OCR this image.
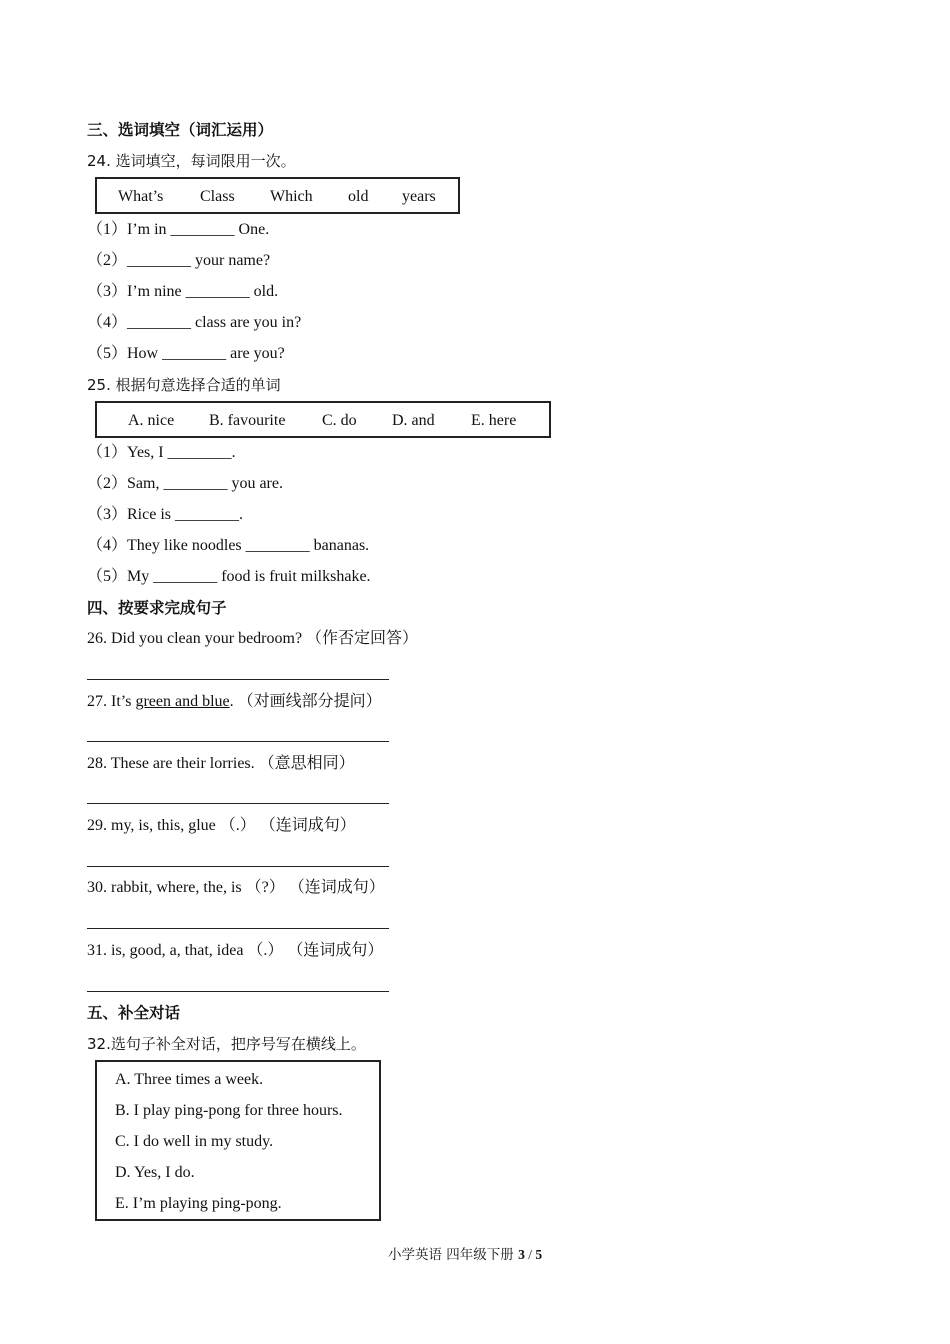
三、选词填空（词汇运用）
24. 选词填空，每词限用一次。
What’s Class Which old years
（1）I’m in ________ One.
（2）________ your name?
（3）I’m nine ________ old.
（4）________ class are you in?
（5）How ________ are you?
25. 根据句意选择合适的单词
A. nice B. favourite C. do D. and E. here
（1）Yes, I ________.
（2）Sam, ________ you are.
（3）Rice is ________.
（4）They like noodles ________ bananas.
（5）My ________ food is fruit milkshake.
四、按要求完成句子
26. Did you clean your bedroom? （作否定回答）
27. It’s green and blue. （对画线部分提问）
28. These are their lorries. （意思相同）
29. my, is, this, glue （.） （连词成句）
30. rabbit, where, the, is （?） （连词成句）
31. is, good, a, that, idea （.） （连词成句）
五、补全对话
32.选句子补全对话，把序号写在横线上。
A. Three times a week.
B. I play ping-pong for three hours.
C. I do well in my study.
D. Yes, I do.
E. I’m playing ping-pong.
小学英语 四年级下册 3 / 5
